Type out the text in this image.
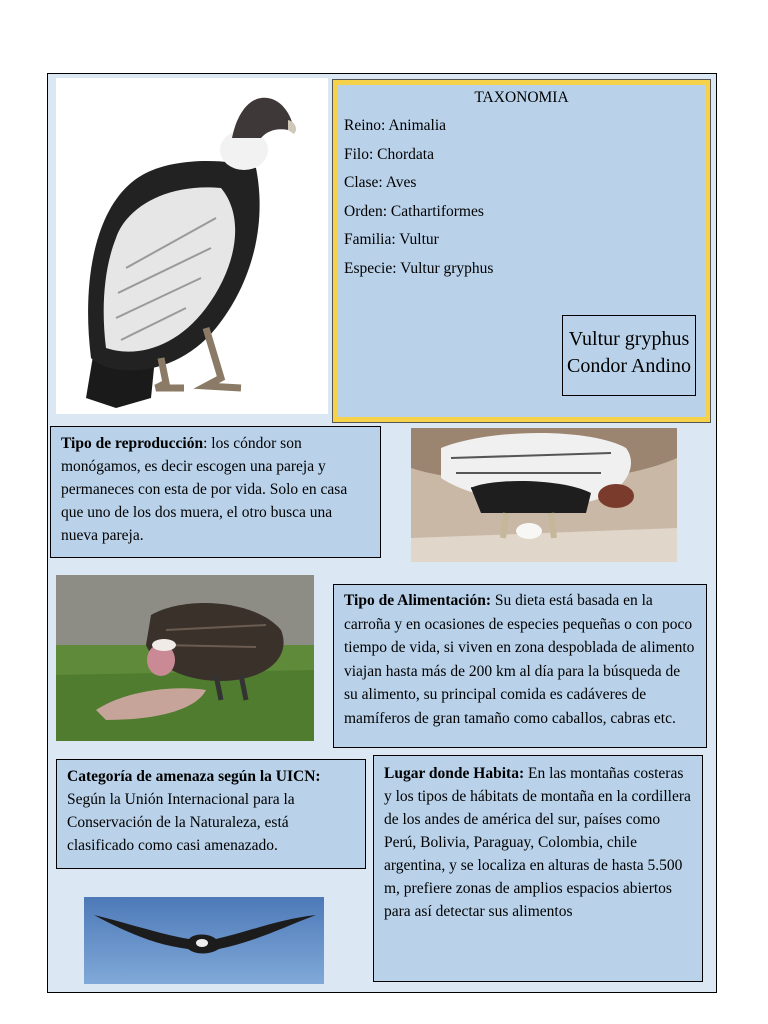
TAXONOMIA
Reino: Animalia
Filo: Chordata
Clase: Aves
Orden: Cathartiformes
Familia: Vultur
Especie: Vultur gryphus
Vultur gryphus
Condor Andino
Tipo de reproducción: los cóndor son monógamos, es decir escogen una pareja y permaneces con esta de por vida. Solo en casa que uno de los dos muera, el otro busca una nueva pareja.
Tipo de Alimentación: Su dieta está basada en la carroña y en ocasiones de especies pequeñas o con poco tiempo de vida, si viven en zona despoblada de alimento viajan hasta más de 200 km al día para la búsqueda de su alimento, su principal comida es cadáveres de mamíferos de gran tamaño como caballos, cabras etc.
Categoría de amenaza según la UICN: Según la Unión Internacional para la Conservación de la Naturaleza, está clasificado como casi amenazado.
Lugar donde Habita: En las montañas costeras y los tipos de hábitats de montaña en la cordillera de los andes de américa del sur, países como Perú, Bolivia, Paraguay, Colombia, chile argentina, y se localiza en alturas de hasta 5.500 m, prefiere zonas de amplios espacios abiertos para así detectar sus alimentos
